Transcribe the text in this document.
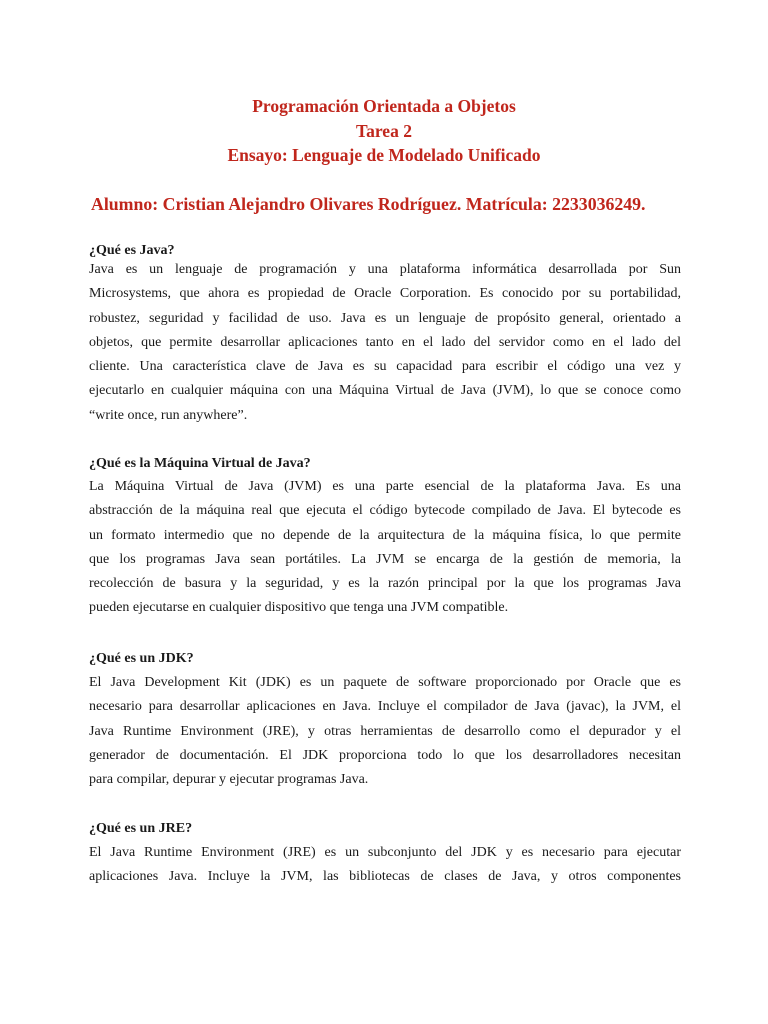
Programación Orientada a Objetos
Tarea 2
Ensayo: Lenguaje de Modelado Unificado
Alumno: Cristian Alejandro Olivares Rodríguez. Matrícula: 2233036249.
¿Qué es Java?
Java es un lenguaje de programación y una plataforma informática desarrollada por Sun
Microsystems, que ahora es propiedad de Oracle Corporation. Es conocido por su portabilidad,
robustez, seguridad y facilidad de uso. Java es un lenguaje de propósito general, orientado a
objetos, que permite desarrollar aplicaciones tanto en el lado del servidor como en el lado del
cliente. Una característica clave de Java es su capacidad para escribir el código una vez y
ejecutarlo en cualquier máquina con una Máquina Virtual de Java (JVM), lo que se conoce como
“write once, run anywhere”.
¿Qué es la Máquina Virtual de Java?
La Máquina Virtual de Java (JVM) es una parte esencial de la plataforma Java. Es una
abstracción de la máquina real que ejecuta el código bytecode compilado de Java. El bytecode es
un formato intermedio que no depende de la arquitectura de la máquina física, lo que permite
que los programas Java sean portátiles. La JVM se encarga de la gestión de memoria, la
recolección de basura y la seguridad, y es la razón principal por la que los programas Java
pueden ejecutarse en cualquier dispositivo que tenga una JVM compatible.
¿Qué es un JDK?
El Java Development Kit (JDK) es un paquete de software proporcionado por Oracle que es
necesario para desarrollar aplicaciones en Java. Incluye el compilador de Java (javac), la JVM, el
Java Runtime Environment (JRE), y otras herramientas de desarrollo como el depurador y el
generador de documentación. El JDK proporciona todo lo que los desarrolladores necesitan
para compilar, depurar y ejecutar programas Java.
¿Qué es un JRE?
El Java Runtime Environment (JRE) es un subconjunto del JDK y es necesario para ejecutar
aplicaciones Java. Incluye la JVM, las bibliotecas de clases de Java, y otros componentes
